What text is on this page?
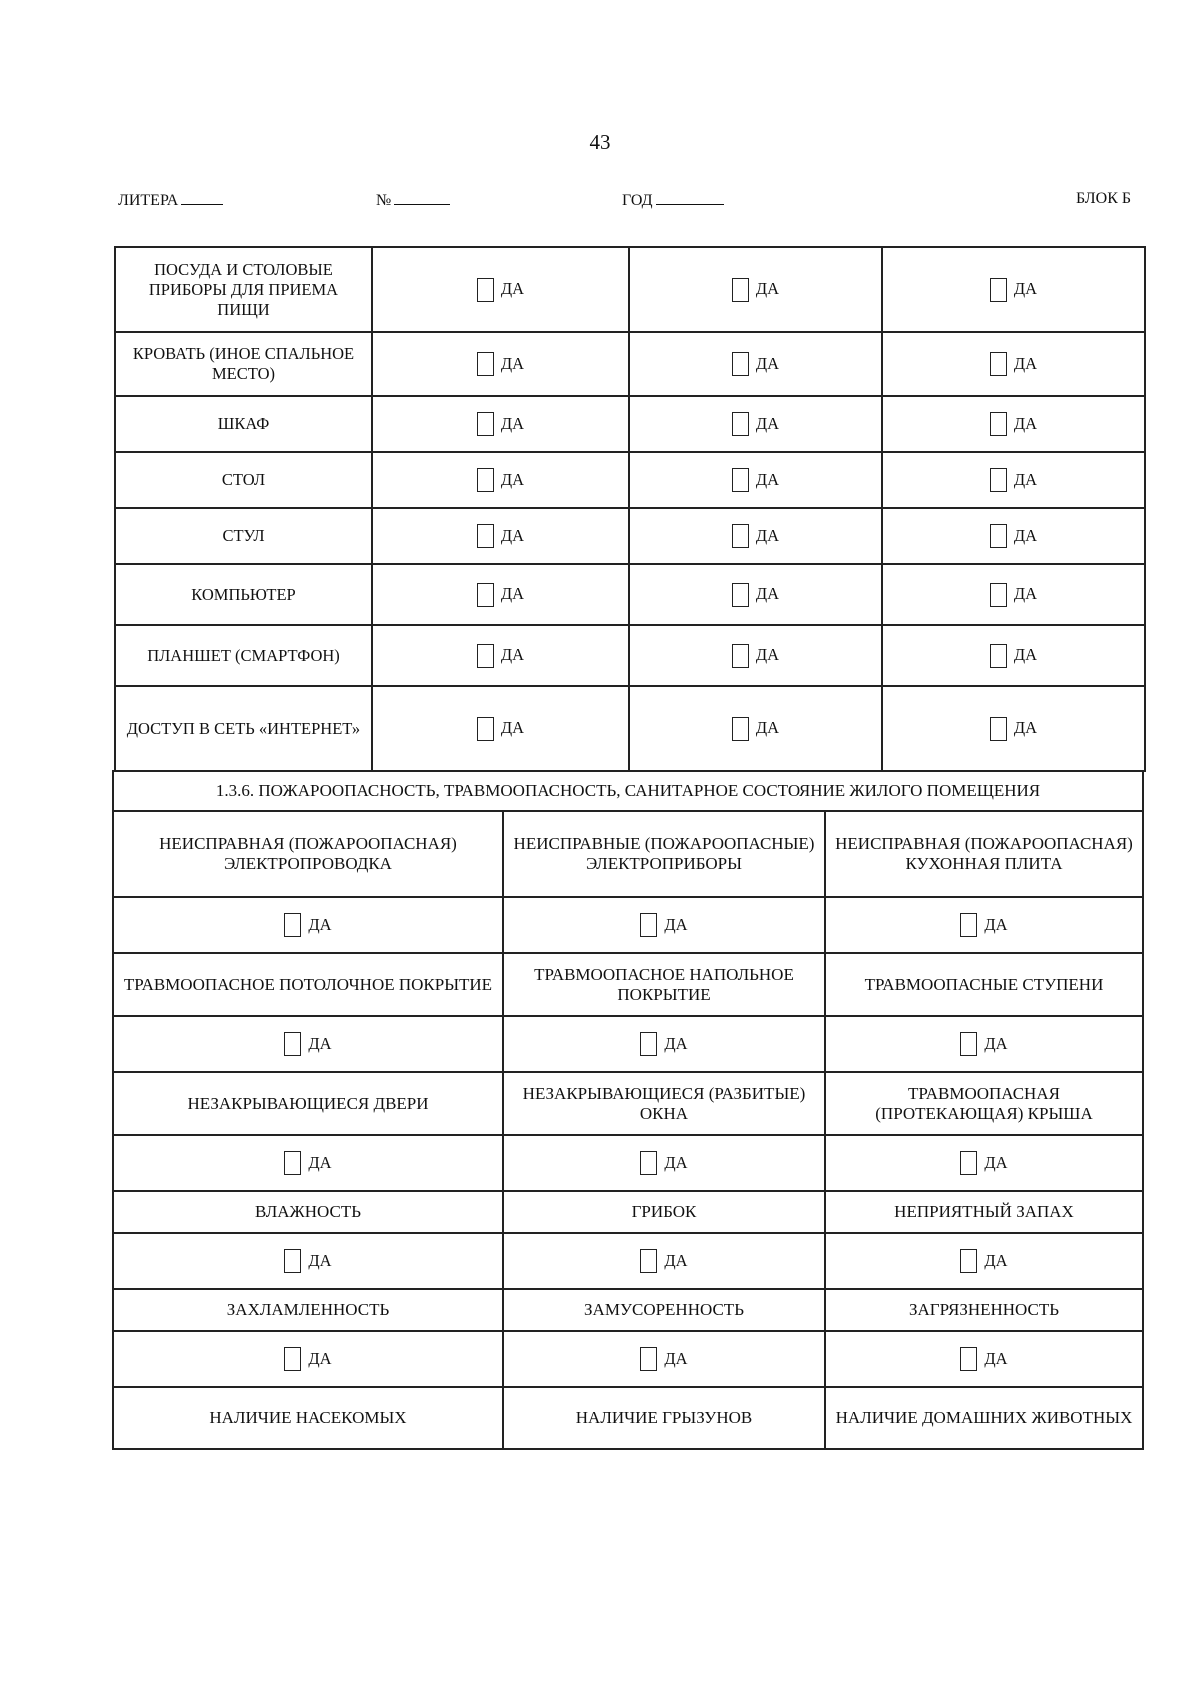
43
ЛИТЕРА	№	ГОД	БЛОК Б
ПОСУДА И СТОЛОВЫЕ ПРИБОРЫ ДЛЯ ПРИЕМА ПИЩИ	ДА	ДА	ДА
КРОВАТЬ (ИНОЕ СПАЛЬНОЕ МЕСТО)	ДА	ДА	ДА
ШКАФ	ДА	ДА	ДА
СТОЛ	ДА	ДА	ДА
СТУЛ	ДА	ДА	ДА
КОМПЬЮТЕР	ДА	ДА	ДА
ПЛАНШЕТ (СМАРТФОН)	ДА	ДА	ДА
ДОСТУП В СЕТЬ «ИНТЕРНЕТ»	ДА	ДА	ДА
1.3.6. ПОЖАРООПАСНОСТЬ, ТРАВМООПАСНОСТЬ, САНИТАРНОЕ СОСТОЯНИЕ ЖИЛОГО ПОМЕЩЕНИЯ		
НЕИСПРАВНАЯ (ПОЖАРООПАСНАЯ) ЭЛЕКТРОПРОВОДКА	НЕИСПРАВНЫЕ (ПОЖАРООПАСНЫЕ) ЭЛЕКТРОПРИБОРЫ	НЕИСПРАВНАЯ (ПОЖАРООПАСНАЯ) КУХОННАЯ ПЛИТА
ДА	ДА	ДА
ТРАВМООПАСНОЕ ПОТОЛОЧНОЕ ПОКРЫТИЕ	ТРАВМООПАСНОЕ НАПОЛЬНОЕ ПОКРЫТИЕ	ТРАВМООПАСНЫЕ СТУПЕНИ
ДА	ДА	ДА
НЕЗАКРЫВАЮЩИЕСЯ ДВЕРИ	НЕЗАКРЫВАЮЩИЕСЯ (РАЗБИТЫЕ) ОКНА	ТРАВМООПАСНАЯ (ПРОТЕКАЮЩАЯ) КРЫША
ДА	ДА	ДА
ВЛАЖНОСТЬ	ГРИБОК	НЕПРИЯТНЫЙ ЗАПАХ
ДА	ДА	ДА
ЗАХЛАМЛЕННОСТЬ	ЗАМУСОРЕННОСТЬ	ЗАГРЯЗНЕННОСТЬ
ДА	ДА	ДА
НАЛИЧИЕ НАСЕКОМЫХ	НАЛИЧИЕ ГРЫЗУНОВ	НАЛИЧИЕ ДОМАШНИХ ЖИВОТНЫХ
